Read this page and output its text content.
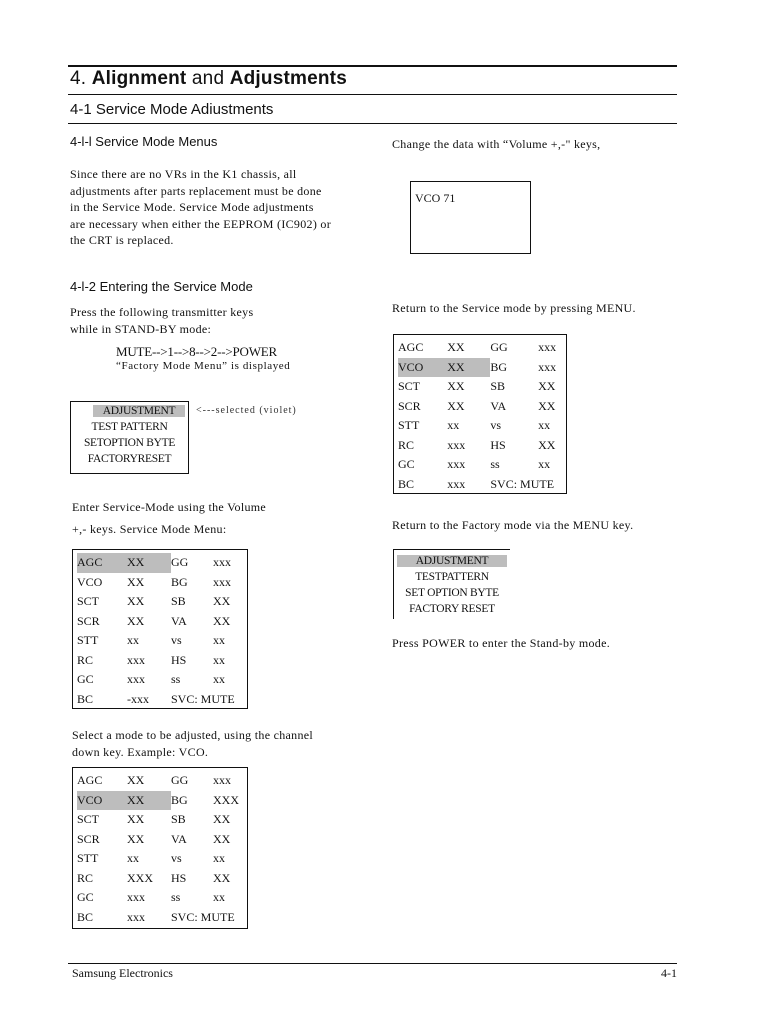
4. Alignment and Adjustments
4-1 Service Mode Adiustments
4-l-l Service Mode Menus
Since there are no VRs in the K1 chassis, all
adjustments after parts replacement must be done
in the Service Mode. Service Mode adjustments
are necessary when either the EEPROM (IC902) or
the CRT is replaced.
4-l-2 Entering the Service Mode
Press the following transmitter keys
while in STAND-BY mode:
MUTE-->1-->8-->2-->POWER
“Factory Mode Menu” is displayed
ADJUSTMENT
TEST PATTERN
SETOPTION BYTE
FACTORYRESET
<---selected (violet)
Enter Service-Mode using the Volume
+,- keys. Service Mode Menu:
AGC	XX	GG	xxx
VCO	XX	BG	xxx
SCT	XX	SB	XX
SCR	XX	VA	XX
STT	xx	vs	xx
RC	xxx	HS	xx
GC	xxx	ss	xx
BC	-xxx	SVC: MUTE	
Select a mode to be adjusted, using the channel
down key. Example: VCO.
AGC	XX	GG	xxx
VCO	XX	BG	XXX
SCT	XX	SB	XX
SCR	XX	VA	XX
STT	xx	vs	xx
RC	XXX	HS	XX
GC	xxx	ss	xx
BC	xxx	SVC: MUTE	
Change the data with “Volume +,-" keys,
VCO 71
Return to the Service mode by pressing MENU.
AGC	XX	GG	xxx
VCO	XX	BG	xxx
SCT	XX	SB	XX
SCR	XX	VA	XX
STT	xx	vs	xx
RC	xxx	HS	XX
GC	xxx	ss	xx
BC	xxx	SVC: MUTE	
Return to the Factory mode via the MENU key.
ADJUSTMENT
TESTPATTERN
SET OPTION BYTE
FACTORY RESET
Press POWER to enter the Stand-by mode.
Samsung Electronics	4-1
